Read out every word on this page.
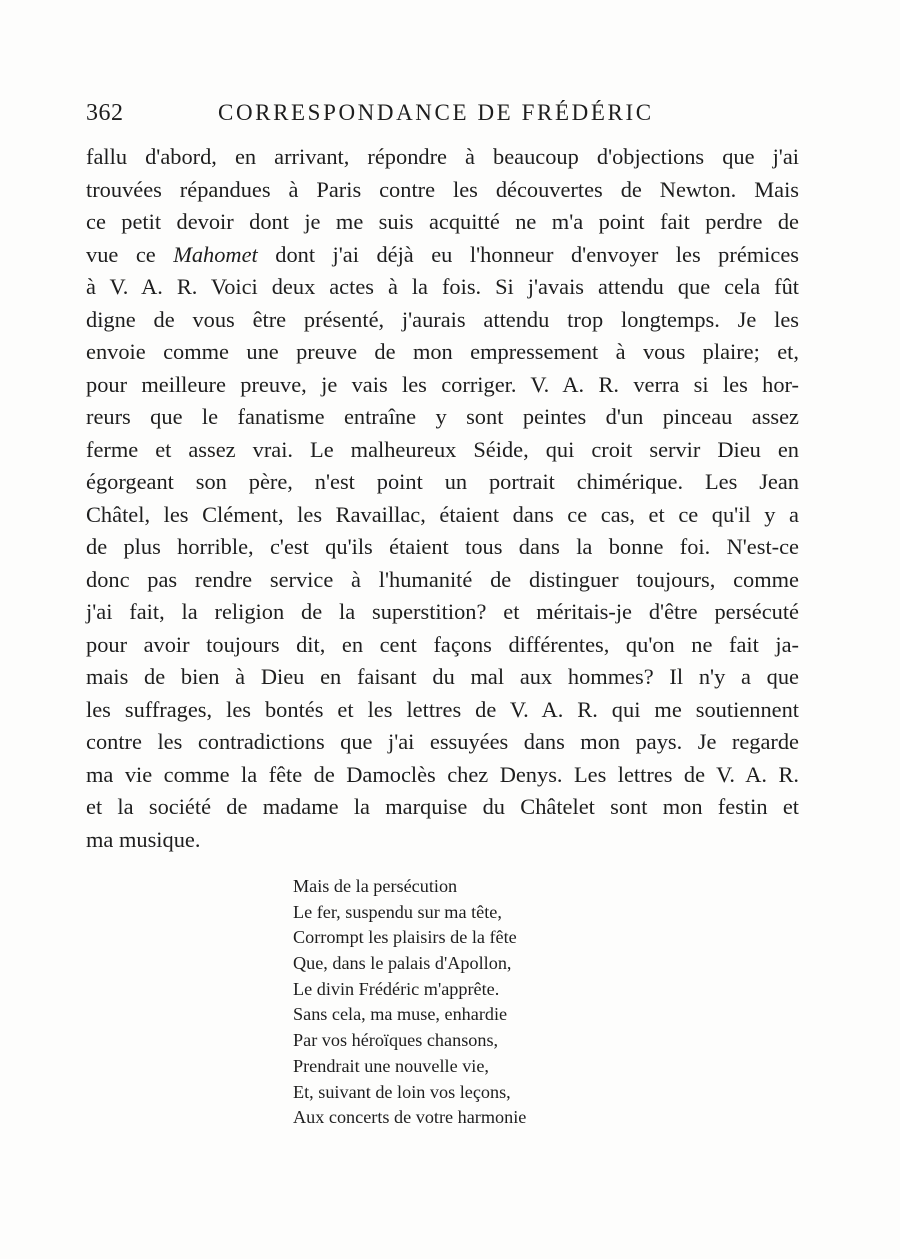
362	CORRESPONDANCE DE FRÉDÉRIC
fallu d'abord, en arrivant, répondre à beaucoup d'objections que j'ai
trouvées répandues à Paris contre les découvertes de Newton. Mais
ce petit devoir dont je me suis acquitté ne m'a point fait perdre de
vue ce Mahomet dont j'ai déjà eu l'honneur d'envoyer les prémices
à V. A. R. Voici deux actes à la fois. Si j'avais attendu que cela fût
digne de vous être présenté, j'aurais attendu trop longtemps. Je les
envoie comme une preuve de mon empressement à vous plaire; et,
pour meilleure preuve, je vais les corriger. V. A. R. verra si les hor-
reurs que le fanatisme entraîne y sont peintes d'un pinceau assez
ferme et assez vrai. Le malheureux Séide, qui croit servir Dieu en
égorgeant son père, n'est point un portrait chimérique. Les Jean
Châtel, les Clément, les Ravaillac, étaient dans ce cas, et ce qu'il y a
de plus horrible, c'est qu'ils étaient tous dans la bonne foi. N'est-ce
donc pas rendre service à l'humanité de distinguer toujours, comme
j'ai fait, la religion de la superstition? et méritais-je d'être persécuté
pour avoir toujours dit, en cent façons différentes, qu'on ne fait ja-
mais de bien à Dieu en faisant du mal aux hommes? Il n'y a que
les suffrages, les bontés et les lettres de V. A. R. qui me soutiennent
contre les contradictions que j'ai essuyées dans mon pays. Je regarde
ma vie comme la fête de Damoclès chez Denys. Les lettres de V. A. R.
et la société de madame la marquise du Châtelet sont mon festin et
ma musique.
Mais de la persécution
Le fer, suspendu sur ma tête,
Corrompt les plaisirs de la fête
Que, dans le palais d'Apollon,
Le divin Frédéric m'apprête.
Sans cela, ma muse, enhardie
Par vos héroïques chansons,
Prendrait une nouvelle vie,
Et, suivant de loin vos leçons,
Aux concerts de votre harmonie
